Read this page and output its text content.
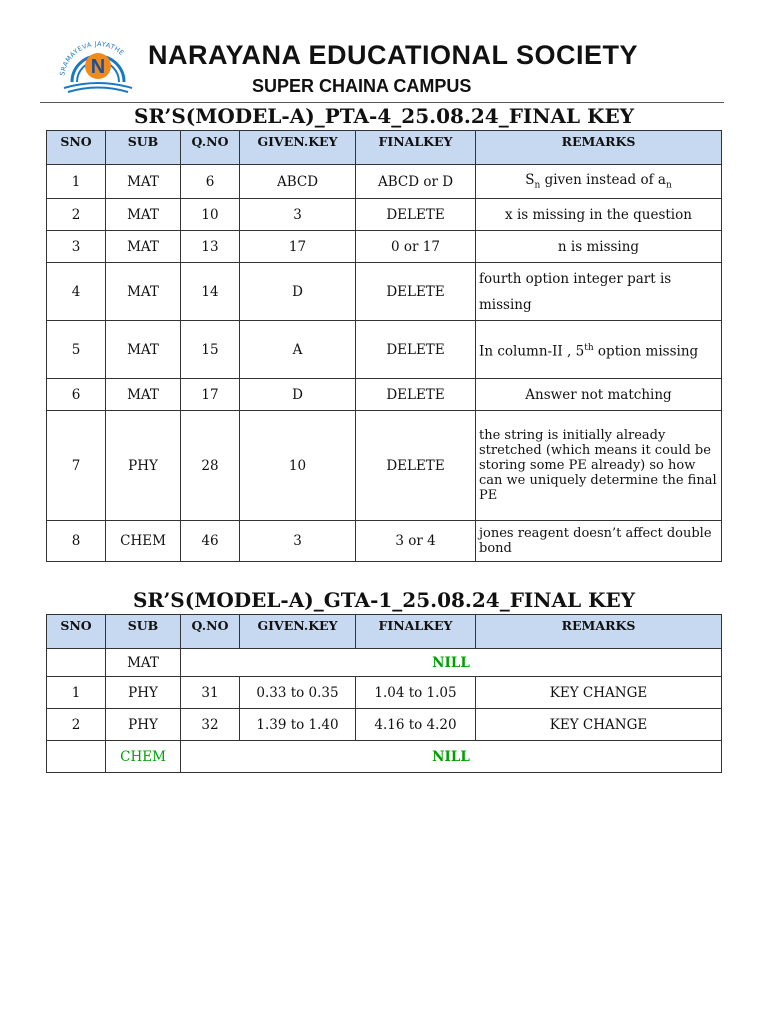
SRAMAYEVA JAYATHE
N NARAYANA EDUCATIONAL SOCIETY
SUPER CHAINA CAMPUS
SR’S(MODEL-A)_PTA-4_25.08.24_FINAL KEY
SNO	SUB	Q.NO	GIVEN.KEY	FINALKEY	REMARKS
1	MAT	6	ABCD	ABCD or D	$S_n$ given instead of $a_n$
2	MAT	10	3	DELETE	x is missing in the question
3	MAT	13	17	0 or 17	n is missing
4	MAT	14	D	DELETE	fourth option integer part is missing
5	MAT	15	A	DELETE	In column-II , 5th option missing
6	MAT	17	D	DELETE	Answer not matching
7	PHY	28	10	DELETE	the string is initially already stretched (which means it could be storing some PE already) so how can we uniquely determine the final PE
8	CHEM	46	3	3 or 4	jones reagent doesn’t affect double bond
SR’S(MODEL-A)_GTA-1_25.08.24_FINAL KEY
SNO	SUB	Q.NO	GIVEN.KEY	FINALKEY	REMARKS
	MAT	NILL			
1	PHY	31	0.33 to 0.35	1.04 to 1.05	KEY CHANGE
2	PHY	32	1.39 to 1.40	4.16 to 4.20	KEY CHANGE
	CHEM	NILL			
